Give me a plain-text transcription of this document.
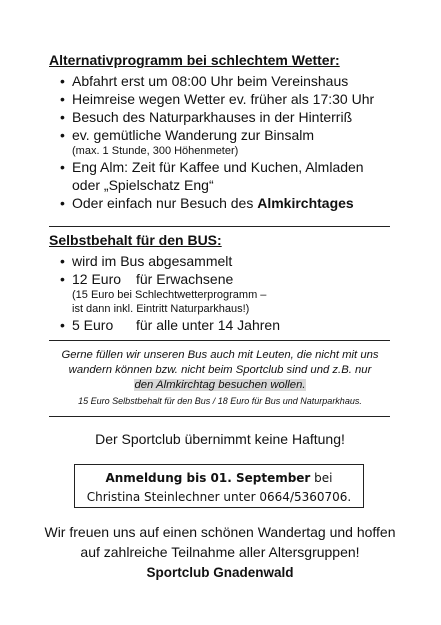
Alternativprogramm bei schlechtem Wetter:
• Abfahrt erst um 08:00 Uhr beim Vereinshaus
• Heimreise wegen Wetter ev. früher als 17:30 Uhr
• Besuch des Naturparkhauses in der Hinterriß
• ev. gemütliche Wanderung zur Binsalm
(max. 1 Stunde, 300 Höhenmeter)
• Eng Alm: Zeit für Kaffee und Kuchen, Almladen
oder „Spielschatz Eng“
• Oder einfach nur Besuch des Almkirchtages
Selbstbehalt für den BUS:
• wird im Bus abgesammelt
• 12 Euro für Erwachsene
(15 Euro bei Schlechtwetterprogramm –
ist dann inkl. Eintritt Naturparkhaus!)
• 5 Euro für alle unter 14 Jahren
Gerne füllen wir unseren Bus auch mit Leuten, die nicht mit uns
wandern können bzw. nicht beim Sportclub sind und z.B. nur
den Almkirchtag besuchen wollen.
15 Euro Selbstbehalt für den Bus / 18 Euro für Bus und Naturparkhaus.
Der Sportclub übernimmt keine Haftung!
Anmeldung bis 01. September bei
Christina Steinlechner unter 0664/5360706.
Wir freuen uns auf einen schönen Wandertag und hoffen
auf zahlreiche Teilnahme aller Altersgruppen!
Sportclub Gnadenwald
